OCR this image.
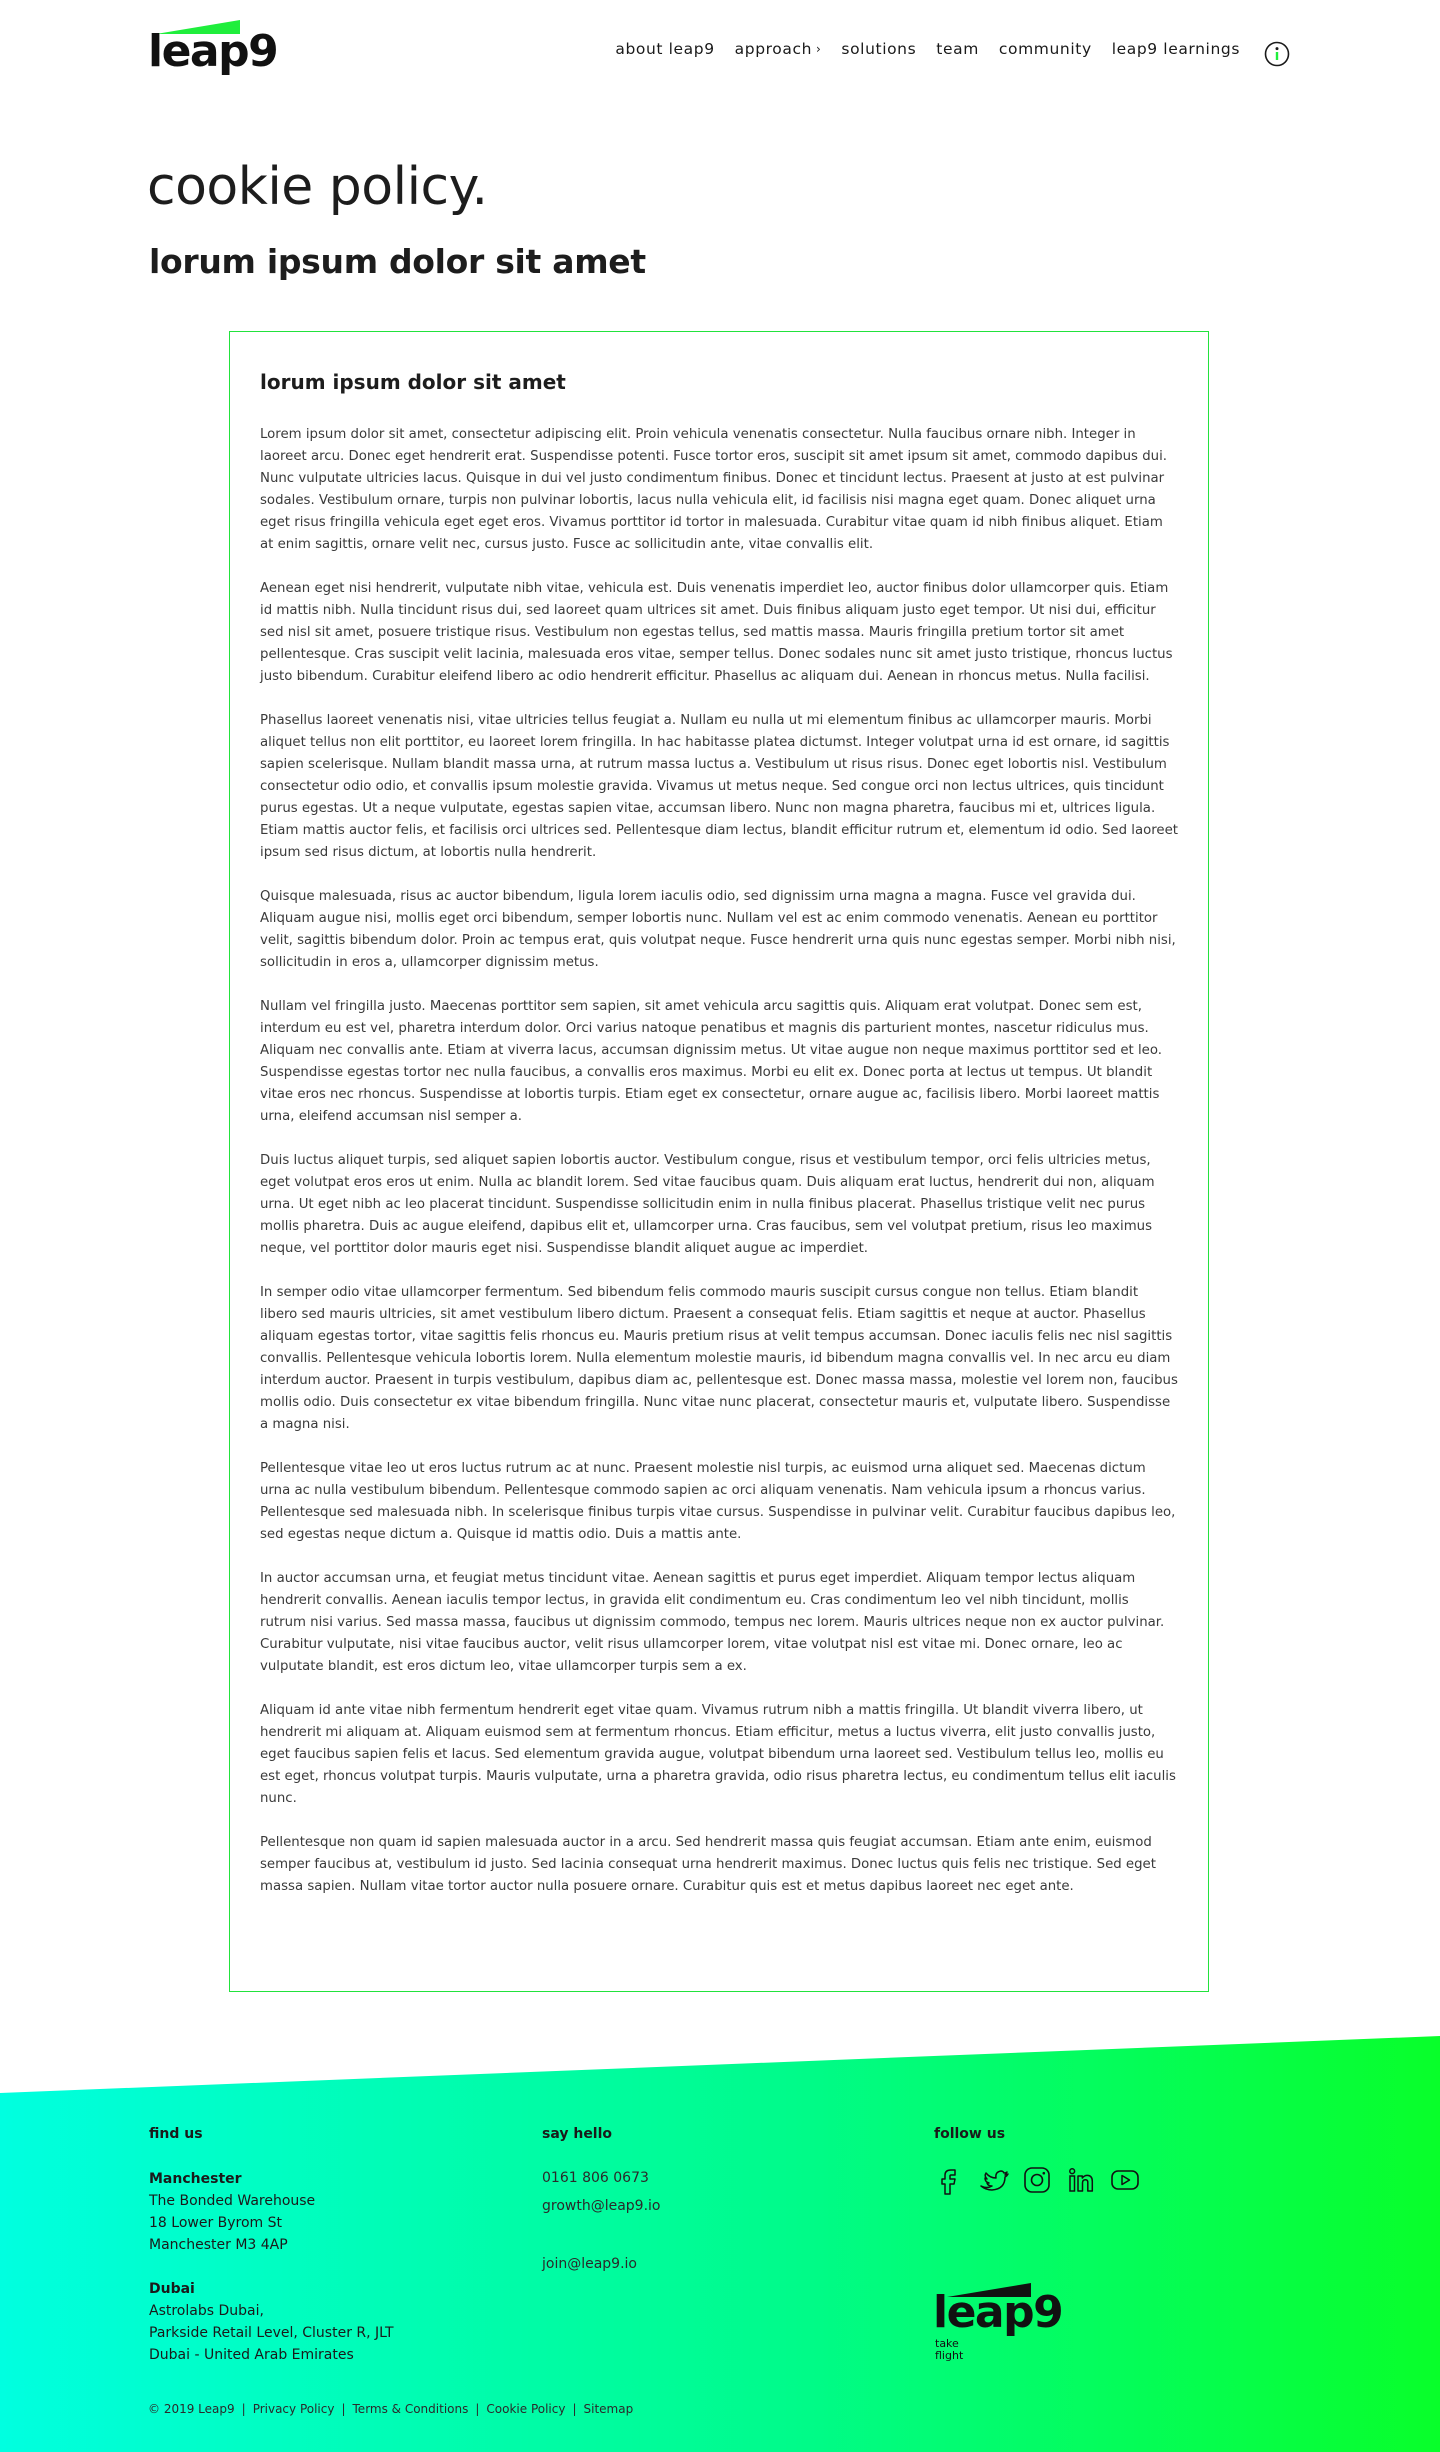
leap9	about leap9 approach › solutions team community leap9 learnings
cookie policy.
lorum ipsum dolor sit amet
lorum ipsum dolor sit amet

Lorem ipsum dolor sit amet, consectetur adipiscing elit. Proin vehicula venenatis consectetur. Nulla faucibus ornare nibh. Integer in laoreet arcu. Donec eget hendrerit erat. Suspendisse potenti. Fusce tortor eros, suscipit sit amet ipsum sit amet, commodo dapibus dui. Nunc vulputate ultricies lacus. Quisque in dui vel justo condimentum finibus. Donec et tincidunt lectus. Praesent at justo at est pulvinar sodales. Vestibulum ornare, turpis non pulvinar lobortis, lacus nulla vehicula elit, id facilisis nisi magna eget quam. Donec aliquet urna eget risus fringilla vehicula eget eget eros. Vivamus porttitor id tortor in malesuada. Curabitur vitae quam id nibh finibus aliquet. Etiam at enim sagittis, ornare velit nec, cursus justo. Fusce ac sollicitudin ante, vitae convallis elit.

Aenean eget nisi hendrerit, vulputate nibh vitae, vehicula est. Duis venenatis imperdiet leo, auctor finibus dolor ullamcorper quis. Etiam id mattis nibh. Nulla tincidunt risus dui, sed laoreet quam ultrices sit amet. Duis finibus aliquam justo eget tempor. Ut nisi dui, efficitur sed nisl sit amet, posuere tristique risus. Vestibulum non egestas tellus, sed mattis massa. Mauris fringilla pretium tortor sit amet pellentesque. Cras suscipit velit lacinia, malesuada eros vitae, semper tellus. Donec sodales nunc sit amet justo tristique, rhoncus luctus justo bibendum. Curabitur eleifend libero ac odio hendrerit efficitur. Phasellus ac aliquam dui. Aenean in rhoncus metus. Nulla facilisi.

Phasellus laoreet venenatis nisi, vitae ultricies tellus feugiat a. Nullam eu nulla ut mi elementum finibus ac ullamcorper mauris. Morbi aliquet tellus non elit porttitor, eu laoreet lorem fringilla. In hac habitasse platea dictumst. Integer volutpat urna id est ornare, id sagittis sapien scelerisque. Nullam blandit massa urna, at rutrum massa luctus a. Vestibulum ut risus risus. Donec eget lobortis nisl. Vestibulum consectetur odio odio, et convallis ipsum molestie gravida. Vivamus ut metus neque. Sed congue orci non lectus ultrices, quis tincidunt purus egestas. Ut a neque vulputate, egestas sapien vitae, accumsan libero. Nunc non magna pharetra, faucibus mi et, ultrices ligula. Etiam mattis auctor felis, et facilisis orci ultrices sed. Pellentesque diam lectus, blandit efficitur rutrum et, elementum id odio. Sed laoreet ipsum sed risus dictum, at lobortis nulla hendrerit.

Quisque malesuada, risus ac auctor bibendum, ligula lorem iaculis odio, sed dignissim urna magna a magna. Fusce vel gravida dui. Aliquam augue nisi, mollis eget orci bibendum, semper lobortis nunc. Nullam vel est ac enim commodo venenatis. Aenean eu porttitor velit, sagittis bibendum dolor. Proin ac tempus erat, quis volutpat neque. Fusce hendrerit urna quis nunc egestas semper. Morbi nibh nisi, sollicitudin in eros a, ullamcorper dignissim metus.

Nullam vel fringilla justo. Maecenas porttitor sem sapien, sit amet vehicula arcu sagittis quis. Aliquam erat volutpat. Donec sem est, interdum eu est vel, pharetra interdum dolor. Orci varius natoque penatibus et magnis dis parturient montes, nascetur ridiculus mus. Aliquam nec convallis ante. Etiam at viverra lacus, accumsan dignissim metus. Ut vitae augue non neque maximus porttitor sed et leo. Suspendisse egestas tortor nec nulla faucibus, a convallis eros maximus. Morbi eu elit ex. Donec porta at lectus ut tempus. Ut blandit vitae eros nec rhoncus. Suspendisse at lobortis turpis. Etiam eget ex consectetur, ornare augue ac, facilisis libero. Morbi laoreet mattis urna, eleifend accumsan nisl semper a.

Duis luctus aliquet turpis, sed aliquet sapien lobortis auctor. Vestibulum congue, risus et vestibulum tempor, orci felis ultricies metus, eget volutpat eros eros ut enim. Nulla ac blandit lorem. Sed vitae faucibus quam. Duis aliquam erat luctus, hendrerit dui non, aliquam urna. Ut eget nibh ac leo placerat tincidunt. Suspendisse sollicitudin enim in nulla finibus placerat. Phasellus tristique velit nec purus mollis pharetra. Duis ac augue eleifend, dapibus elit et, ullamcorper urna. Cras faucibus, sem vel volutpat pretium, risus leo maximus neque, vel porttitor dolor mauris eget nisi. Suspendisse blandit aliquet augue ac imperdiet.

In semper odio vitae ullamcorper fermentum. Sed bibendum felis commodo mauris suscipit cursus congue non tellus. Etiam blandit libero sed mauris ultricies, sit amet vestibulum libero dictum. Praesent a consequat felis. Etiam sagittis et neque at auctor. Phasellus aliquam egestas tortor, vitae sagittis felis rhoncus eu. Mauris pretium risus at velit tempus accumsan. Donec iaculis felis nec nisl sagittis convallis. Pellentesque vehicula lobortis lorem. Nulla elementum molestie mauris, id bibendum magna convallis vel. In nec arcu eu diam interdum auctor. Praesent in turpis vestibulum, dapibus diam ac, pellentesque est. Donec massa massa, molestie vel lorem non, faucibus mollis odio. Duis consectetur ex vitae bibendum fringilla. Nunc vitae nunc placerat, consectetur mauris et, vulputate libero. Suspendisse a magna nisi.

Pellentesque vitae leo ut eros luctus rutrum ac at nunc. Praesent molestie nisl turpis, ac euismod urna aliquet sed. Maecenas dictum urna ac nulla vestibulum bibendum. Pellentesque commodo sapien ac orci aliquam venenatis. Nam vehicula ipsum a rhoncus varius. Pellentesque sed malesuada nibh. In scelerisque finibus turpis vitae cursus. Suspendisse in pulvinar velit. Curabitur faucibus dapibus leo, sed egestas neque dictum a. Quisque id mattis odio. Duis a mattis ante.

In auctor accumsan urna, et feugiat metus tincidunt vitae. Aenean sagittis et purus eget imperdiet. Aliquam tempor lectus aliquam hendrerit convallis. Aenean iaculis tempor lectus, in gravida elit condimentum eu. Cras condimentum leo vel nibh tincidunt, mollis rutrum nisi varius. Sed massa massa, faucibus ut dignissim commodo, tempus nec lorem. Mauris ultrices neque non ex auctor pulvinar. Curabitur vulputate, nisi vitae faucibus auctor, velit risus ullamcorper lorem, vitae volutpat nisl est vitae mi. Donec ornare, leo ac vulputate blandit, est eros dictum leo, vitae ullamcorper turpis sem a ex.

Aliquam id ante vitae nibh fermentum hendrerit eget vitae quam. Vivamus rutrum nibh a mattis fringilla. Ut blandit viverra libero, ut hendrerit mi aliquam at. Aliquam euismod sem at fermentum rhoncus. Etiam efficitur, metus a luctus viverra, elit justo convallis justo, eget faucibus sapien felis et lacus. Sed elementum gravida augue, volutpat bibendum urna laoreet sed. Vestibulum tellus leo, mollis eu est eget, rhoncus volutpat turpis. Mauris vulputate, urna a pharetra gravida, odio risus pharetra lectus, eu condimentum tellus elit iaculis nunc.

Pellentesque non quam id sapien malesuada auctor in a arcu. Sed hendrerit massa quis feugiat accumsan. Etiam ante enim, euismod semper faucibus at, vestibulum id justo. Sed lacinia consequat urna hendrerit maximus. Donec luctus quis felis nec tristique. Sed eget massa sapien. Nullam vitae tortor auctor nulla posuere ornare. Curabitur quis est et metus dapibus laoreet nec eget ante.

find us
Manchester
The Bonded Warehouse
18 Lower Byrom St
Manchester M3 4AP
Dubai
Astrolabs Dubai,
Parkside Retail Level, Cluster R, JLT
Dubai - United Arab Emirates
say hello
0161 806 0673
growth@leap9.io
join@leap9.io
follow us
leap9
take
flight
© 2019 Leap9 | Privacy Policy | Terms & Conditions | Cookie Policy | Sitemap
